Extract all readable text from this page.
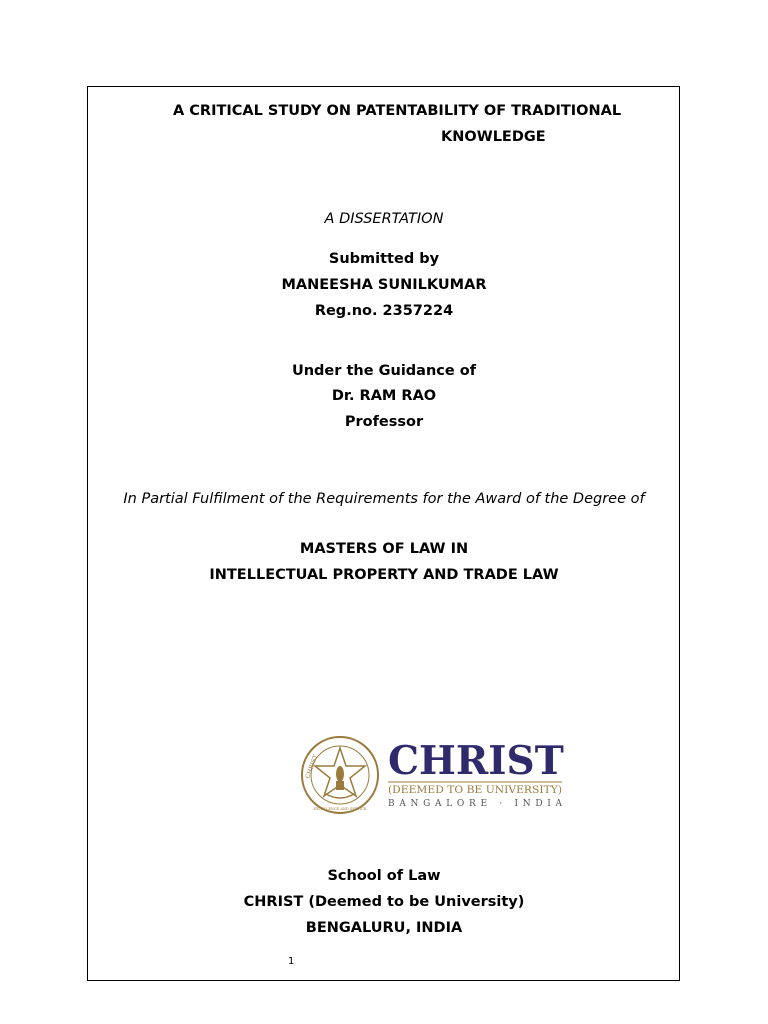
A CRITICAL STUDY ON PATENTABILITY OF TRADITIONAL
KNOWLEDGE
A DISSERTATION
Submitted by
MANEESHA SUNILKUMAR
Reg.no. 2357224
Under the Guidance of
Dr. RAM RAO
Professor
In Partial Fulfilment of the Requirements for the Award of the Degree of
MASTERS OF LAW IN
INTELLECTUAL PROPERTY AND TRADE LAW
CHRIST
EXCELLENCE AND SERVICE
CHRIST
(DEEMED TO BE UNIVERSITY)
BANGALORE · INDIA
School of Law
CHRIST (Deemed to be University)
BENGALURU, INDIA
1
